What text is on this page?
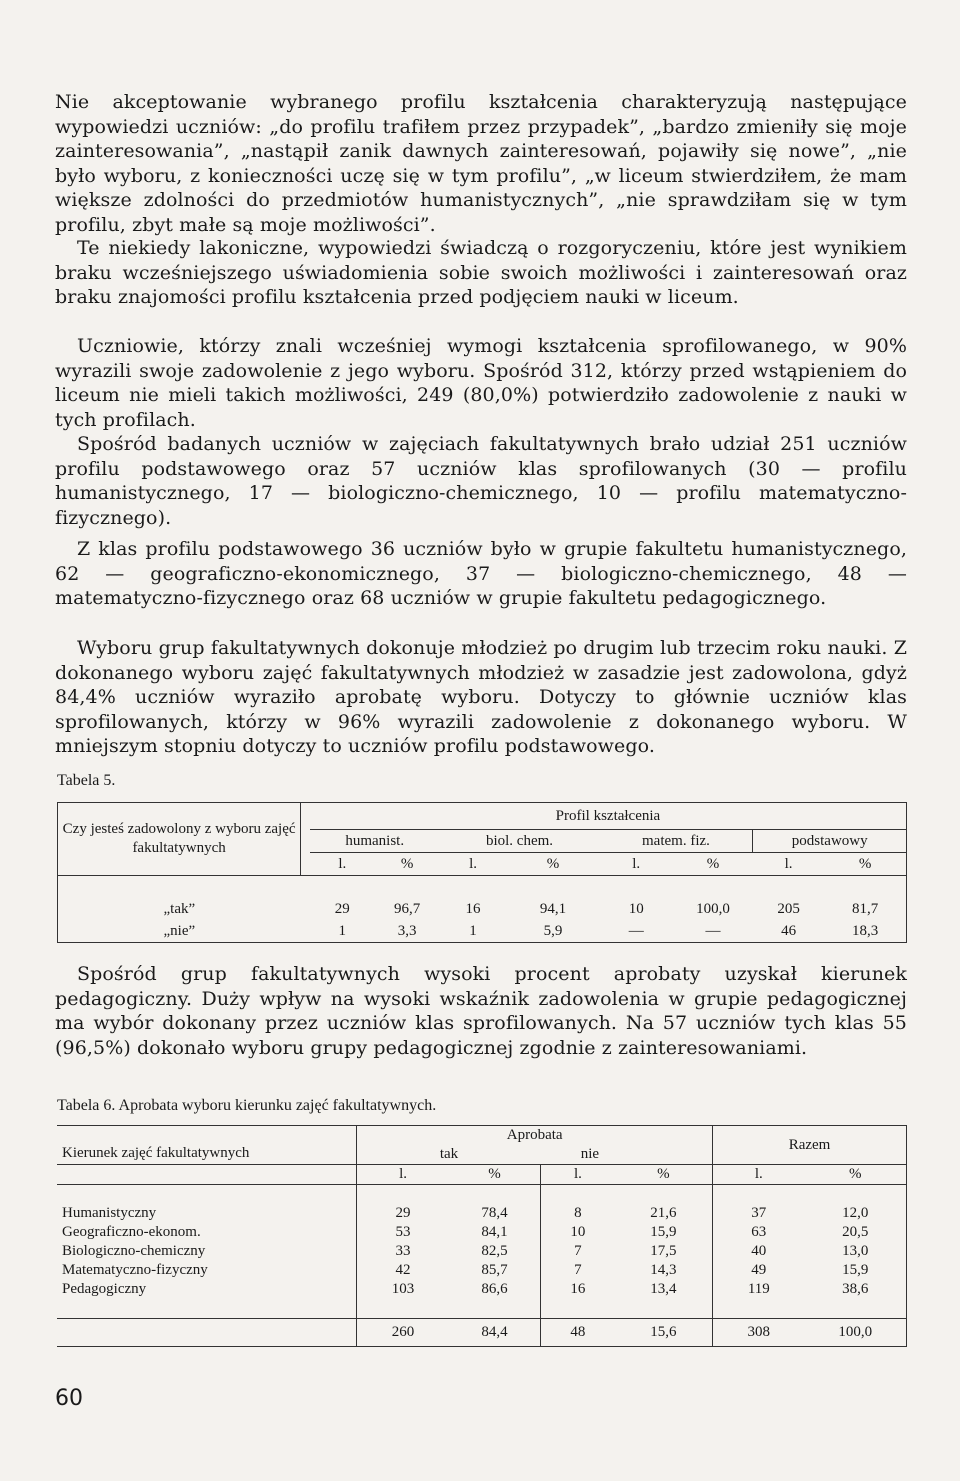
Nie akceptowanie wybranego profilu kształcenia charakteryzują następujące wypowiedzi uczniów: „do profilu trafiłem przez przypadek”, „bardzo zmieniły się moje zainteresowania”, „nastąpił zanik dawnych zainteresowań, pojawiły się nowe”, „nie było wyboru, z konieczności uczę się w tym profilu”, „w liceum stwierdziłem, że mam większe zdolności do przedmiotów humanistycznych”, „nie sprawdziłam się w tym profilu, zbyt małe są moje możliwości”.

Te niekiedy lakoniczne, wypowiedzi świadczą o rozgoryczeniu, które jest wynikiem braku wcześniejszego uświadomienia sobie swoich możliwości i zainteresowań oraz braku znajomości profilu kształcenia przed podjęciem nauki w liceum.

Uczniowie, którzy znali wcześniej wymogi kształcenia sprofilowanego, w 90% wyrazili swoje zadowolenie z jego wyboru. Spośród 312, którzy przed wstąpieniem do liceum nie mieli takich możliwości, 249 (80,0%) potwierdziło zadowolenie z nauki w tych profilach.

Spośród badanych uczniów w zajęciach fakultatywnych brało udział 251 uczniów profilu podstawowego oraz 57 uczniów klas sprofilowanych (30 — profilu humanistycznego, 17 — biologiczno-chemicznego, 10 — profilu matematyczno-fizycznego).

Z klas profilu podstawowego 36 uczniów było w grupie fakultetu humanistycznego, 62 — geograficzno-ekonomicznego, 37 — biologiczno-chemicznego, 48 — matematyczno-fizycznego oraz 68 uczniów w grupie fakultetu pedagogicznego.

Wyboru grup fakultatywnych dokonuje młodzież po drugim lub trzecim roku nauki. Z dokonanego wyboru zajęć fakultatywnych młodzież w zasadzie jest zadowolona, gdyż 84,4% uczniów wyraziło aprobatę wyboru. Dotyczy to głównie uczniów klas sprofilowanych, którzy w 96% wyrazili zadowolenie z dokonanego wyboru. W mniejszym stopniu dotyczy to uczniów profilu podstawowego.

Tabela 5.
Czy jesteś zadowolony z wyboru zajęć fakultatywnych		Profil kształcenia							
		humanist.		biol. chem.		matem. fiz.		podstawowy	
		l.	%	l.	%	l.	%	l.	%

„tak”		29	96,7	16	94,1	10	100,0	205	81,7
„nie”		1	3,3	1	5,9	—	—	46	18,3

Spośród grup fakultatywnych wysoki procent aprobaty uzyskał kierunek pedagogiczny. Duży wpływ na wysoki wskaźnik zadowolenia w grupie pedagogicznej ma wybór dokonany przez uczniów klas sprofilowanych. Na 57 uczniów tych klas 55 (96,5%) dokonało wyboru grupy pedagogicznej zgodnie z zainteresowaniami.

Tabela 6. Aprobata wyboru kierunku zajęć fakultatywnych.
Kierunek zajęć fakultatywnych	Aprobata				Razem	
	tak		nie			
	l.	%	l.	%	l.	%

Humanistyczny	29	78,4	8	21,6	37	12,0
Geograficzno-ekonom.	53	84,1	10	15,9	63	20,5
Biologiczno-chemiczny	33	82,5	7	17,5	40	13,0
Matematyczno-fizyczny	42	85,7	7	14,3	49	15,9
Pedagogiczny	103	86,6	16	13,4	119	38,6

	260	84,4	48	15,6	308	100,0
60
